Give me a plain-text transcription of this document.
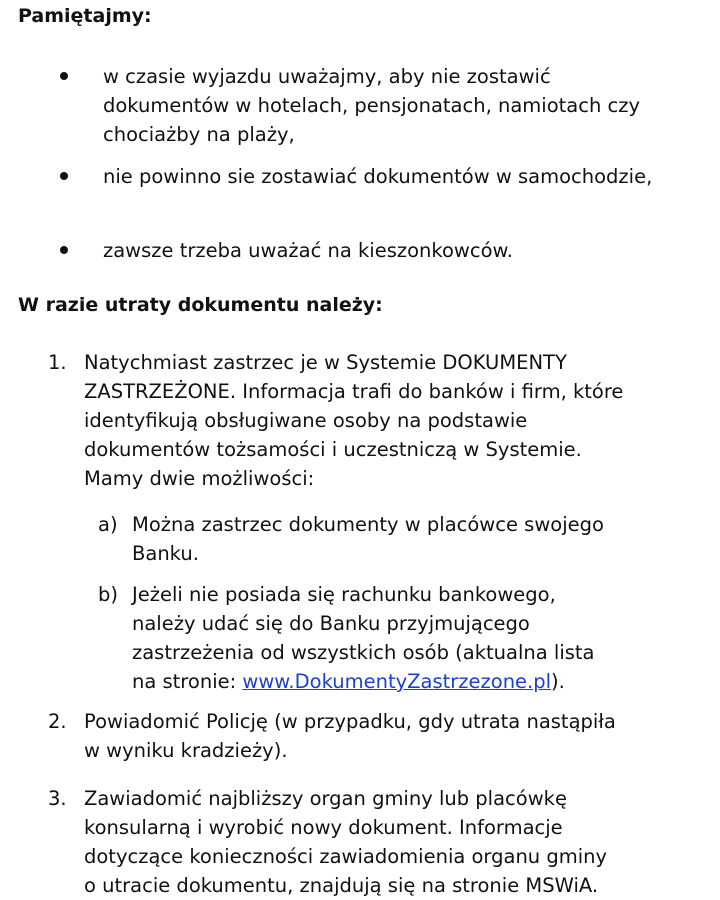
Pamiętajmy:
w czasie wyjazdu uważajmy, aby nie zostawić dokumentów w hotelach, pensjonatach, namiotach czy chociażby na plaży,
nie powinno sie zostawiać dokumentów w samochodzie,
zawsze trzeba uważać na kieszonkowców.
W razie utraty dokumentu należy:
1. Natychmiast zastrzec je w Systemie DOKUMENTY ZASTRZEŻONE. Informacja trafi do banków i firm, które identyfikują obsługiwane osoby na podstawie dokumentów tożsamości i uczestniczą w Systemie. Mamy dwie możliwości:
a) Można zastrzec dokumenty w placówce swojego Banku.
b) Jeżeli nie posiada się rachunku bankowego, należy udać się do Banku przyjmującego zastrzeżenia od wszystkich osób (aktualna lista na stronie: www.DokumentyZastrzezone.pl).
2. Powiadomić Policję (w przypadku, gdy utrata nastąpiła w wyniku kradzieży).
3. Zawiadomić najbliższy organ gminy lub placówkę konsularną i wyrobić nowy dokument. Informacje dotyczące konieczności zawiadomienia organu gminy o utracie dokumentu, znajdują się na stronie MSWiA.
